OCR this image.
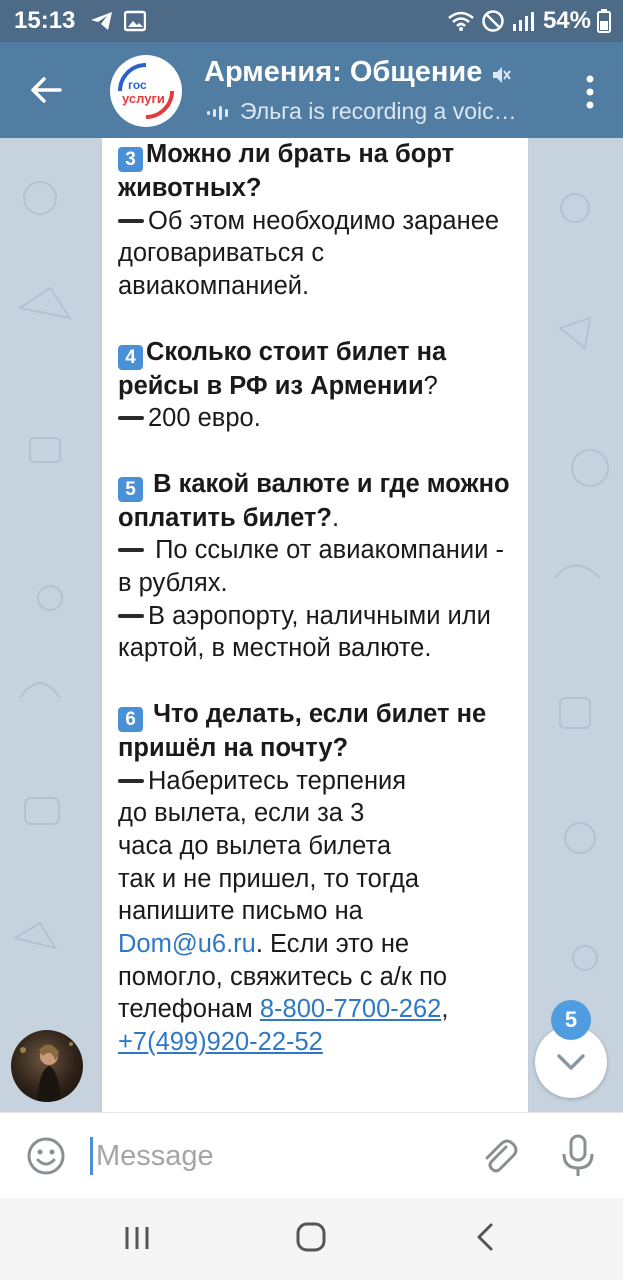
15:13	54%
гос
услуги
Армения: Общение
Эльга is recording a voic…

3 Можно ли брать на борт животных?
Об этом необходимо заранее договариваться с авиакомпанией.

4 Сколько стоит билет на рейсы в РФ из Армении?
200 евро.

5 В какой валюте и где можно оплатить билет?.
По ссылке от авиакомпании - в рублях.
В аэропорту, наличными или картой, в местной валюте.

6 Что делать, если билет не пришёл на почту?
Наберитесь терпения
до вылета, если за 3
часа до вылета билета
так и не пришел, то тогда
напишите письмо на
Dom@u6.ru. Если это не помогло, свяжитесь с а/к по телефонам 8-800-7700-262,
+7(499)920-22-52

5
Message
